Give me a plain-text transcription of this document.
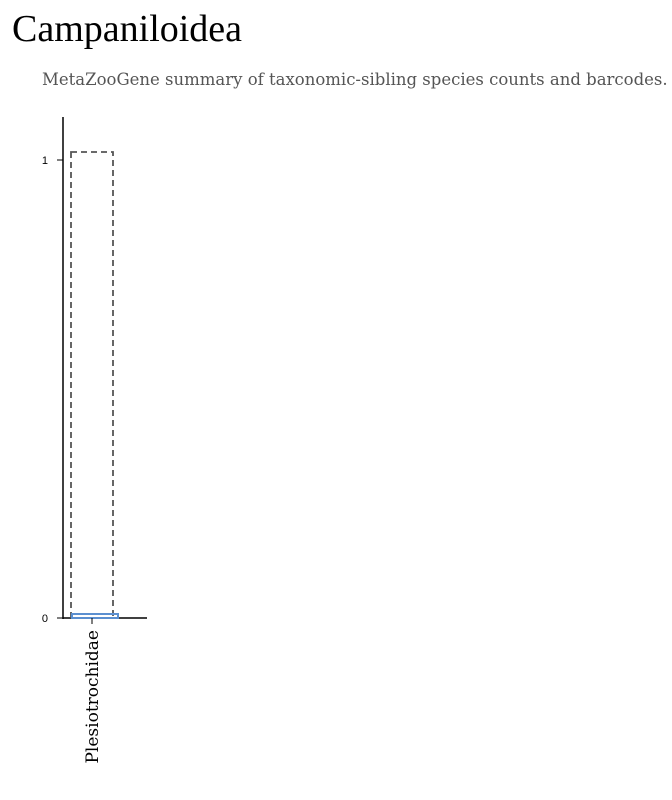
Campaniloidea
MetaZooGene summary of taxonomic-sibling species counts and barcodes.
0
1
Plesiotrochidae
